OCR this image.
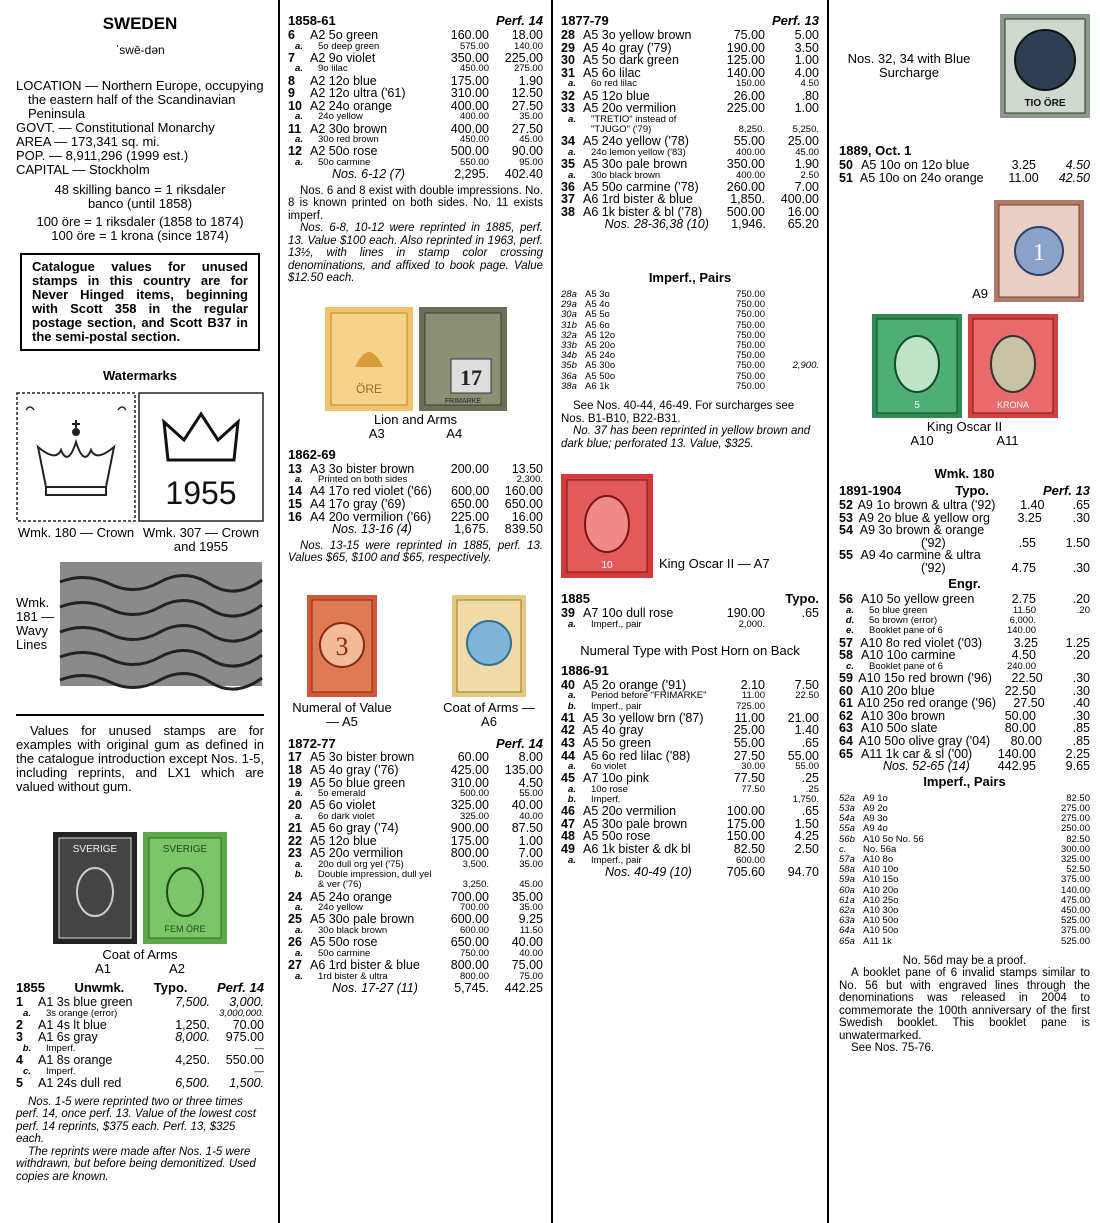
SWEDEN
ˈswē-dən

LOCATION — Northern Europe, occupying the eastern half of the Scandinavian Peninsula

GOVT. — Constitutional Monarchy

AREA — 173,341 sq. mi.

POP. — 8,911,296 (1999 est.)

CAPITAL — Stockholm

48 skilling banco = 1 riksdaler banco (until 1858)
100 öre = 1 riksdaler (1858 to 1874)
100 öre = 1 krona (since 1874)
Catalogue values for unused stamps in this country are for Never Hinged items, beginning with Scott 358 in the regular postage section, and Scott B37 in the semi-postal section.
Watermarks
Wmk. 180 — Crown
1955
Wmk. 307 — Crown and 1955
Wmk. 181 — Wavy Lines
Values for unused stamps are for examples with original gum as defined in the catalogue introduction except Nos. 1-5, including reprints, and LX1 which are valued without gum.
SVERIGE	SVERIGE
FEM ÖRE
Coat of Arms
A1	A2
1855 Unwmk. Typo. Perf. 14
1	A1 3s blue green	7,500.	3,000.
a.	3s orange (error)	3,000,000.
2	A1 4s lt blue	1,250.	70.00
3	A1 6s gray	8,000.	975.00
b.	Imperf.	—
4	A1 8s orange	4,250.	550.00
c.	Imperf.	—
5	A1 24s dull red	6,500.	1,500.
Nos. 1-5 were reprinted two or three times perf. 14, once perf. 13. Value of the lowest cost perf. 14 reprints, $375 each. Perf. 13, $325 each.
The reprints were made after Nos. 1-5 were withdrawn, but before being demonitized. Used copies are known.
1858-61	Perf. 14
6	A2 5o green	160.00	18.00
a.	5o deep green	575.00	140.00
7	A2 9o violet	350.00	225.00
a.	9o lilac	450.00	275.00
8	A2 12o blue	175.00	1.90
9	A2 12o ultra ('61)	310.00	12.50
10 A2 24o orange	400.00	27.50
a.	24o yellow	400.00	35.00
11 A2 30o brown	400.00	27.50
a.	30o red brown	450.00	45.00
12 A2 50o rose	500.00	90.00
a.	50o carmine	550.00	95.00
Nos. 6-12 (7)	2,295.	402.40
Nos. 6 and 8 exist with double impressions. No. 8 is known printed on both sides. No. 11 exists imperf.
Nos. 6-8, 10-12 were reprinted in 1885, perf. 13. Value $100 each. Also reprinted in 1963, perf. 13½, with lines in stamp color crossing denominations, and affixed to book page. Value $12.50 each.
ÖRE	17
FRIMARKE
Lion and Arms
A3	A4
1862-69
13 A3 3o bister brown	200.00	13.50
a.	Printed on both sides	2,300.
14 A4 17o red violet ('66)	600.00	160.00
15 A4 17o gray ('69)	650.00	650.00
16 A4 20o vermilion ('66)	225.00	16.00
Nos. 13-16 (4)	1,675.	839.50
Nos. 13-15 were reprinted in 1885, perf. 13. Values $65, $100 and $65, respectively.
3
Numeral of Value — A5
Coat of Arms — A6
1872-77	Perf. 14
17 A5 3o bister brown	60.00	8.00
18 A5 4o gray ('76)	425.00	135.00
19 A5 5o blue green	310.00	4.50
a.	5o emerald	500.00	55.00
20 A5 6o violet	325.00	40.00
a.	6o dark violet	325.00	40.00
21 A5 6o gray ('74)	900.00	87.50
22 A5 12o blue	175.00	1.00
23 A5 20o vermilion	800.00	7.00
a.	20o dull org yel ('75)	3,500.	35.00
b.	Double impression, dull yel
& ver ('76)	3,250.	45.00
24 A5 24o orange	700.00	35.00
a.	24o yellow	700.00	35.00
25 A5 30o pale brown	600.00	9.25
a.	30o black brown	600.00	11.50
26 A5 50o rose	650.00	40.00
a.	50o carmine	750.00	40.00
27 A6 1rd bister & blue	800.00	75.00
a.	1rd bister & ultra	800.00	75.00
Nos. 17-27 (11)	5,745.	442.25
1877-79	Perf. 13
28 A5 3o yellow brown	75.00	5.00
29 A5 4o gray ('79)	190.00	3.50
30 A5 5o dark green	125.00	1.00
31 A5 6o lilac	140.00	4.00
a.	6o red lilac	150.00	4.50
32 A5 12o blue	26.00	.80
33 A5 20o vermilion	225.00	1.00
a.	"TRETIO" instead of
"TJUGO" ('79)	8,250.	5,250.
34 A5 24o yellow ('78)	55.00	25.00
a.	24o lemon yellow ('83)	400.00	45.00
35 A5 30o pale brown	350.00	1.90
a.	30o black brown	400.00	2.50
36 A5 50o carmine ('78)	260.00	7.00
37 A6 1rd bister & blue	1,850.	400.00
38 A6 1k bister & bl ('78)	500.00	16.00
Nos. 28-36,38 (10)	1,946.	65.20
Imperf., Pairs
28a A5 3o	750.00
29a A5 4o	750.00
30a A5 5o	750.00
31b A5 6o	750.00
32a A5 12o	750.00
33b A5 20o	750.00
34b A5 24o	750.00
35b A5 30o	750.00	2,900.
36a A5 50o	750.00
38a A6 1k	750.00
See Nos. 40-44, 46-49. For surcharges see Nos. B1-B10, B22-B31.
No. 37 has been reprinted in yellow brown and dark blue; perforated 13. Value, $325.
10	King Oscar II — A7
1885	Typo.
39 A7 10o dull rose	190.00	.65
a.	Imperf., pair	2,000.
Numeral Type with Post Horn on Back
1886-91
40 A5 2o orange ('91)	2.10	7.50
a.	Period before "FRIMARKE"	11.00	22.50
b.	Imperf., pair	725.00
41 A5 3o yellow brn ('87)	11.00	21.00
42 A5 4o gray	25.00	1.40
43 A5 5o green	55.00	.65
44 A5 6o red lilac ('88)	27.50	55.00
a.	6o violet	30.00	55.00
45 A7 10o pink	77.50	.25
a.	10o rose	77.50	.25
b.	Imperf.	1,750.
46 A5 20o vermilion	100.00	.65
47 A5 30o pale brown	175.00	1.50
48 A5 50o rose	150.00	4.25
49 A6 1k bister & dk bl	82.50	2.50
a.	Imperf., pair	600.00
Nos. 40-49 (10)	705.60	94.70
Nos. 32, 34 with Blue Surcharge
TIO ÖRE
1889, Oct. 1
50 A5 10o on 12o blue	3.25	4.50
51 A5 10o on 24o orange	11.00	42.50
A9
1
5	KRONA
King Oscar II
A10	A11
Wmk. 180
1891-1904	Typo.	Perf. 13
52 A9 1o brown & ultra ('92)	1.40	.65
53 A9 2o blue & yellow org	3.25	.30
54 A9 3o brown & orange
('92)	.55	1.50
55 A9 4o carmine & ultra
('92)	4.75	.30
Engr.
56 A10 5o yellow green	2.75	.20
a.	5o blue green	11.50	.20
d.	5o brown (error)	6,000.
e.	Booklet pane of 6	140.00
57 A10 8o red violet ('03)	3.25	1.25
58 A10 10o carmine	4.50	.20
c.	Booklet pane of 6	240.00
59 A10 15o red brown ('96)	22.50	.30
60 A10 20o blue	22.50	.30
61 A10 25o red orange ('96)	27.50	.40
62 A10 30o brown	50.00	.30
63 A10 50o slate	80.00	.85
64 A10 50o olive gray ('04)	80.00	.85
65 A11 1k car & sl ('00)	140.00	2.25
Nos. 52-65 (14)	442.95	9.65
Imperf., Pairs
52a A9 1o	82.50
53a A9 2o	275.00
54a A9 3o	275.00
55a A9 4o	250.00
56b A10 5o No. 56	82.50
c.	No. 56a	300.00
57a A10 8o	325.00
58a A10 10o	52.50
59a A10 15o	375.00
60a A10 20o	140.00
61a A10 25o	475.00
62a A10 30o	450.00
63a A10 50o	525.00
64a A10 50o	375.00
65a A11 1k	525.00
No. 56d may be a proof.
A booklet pane of 6 invalid stamps similar to No. 56 but with engraved lines through the denominations was released in 2004 to commemorate the 100th anniversary of the first Swedish booklet. This booklet pane is unwatermarked.
See Nos. 75-76.
